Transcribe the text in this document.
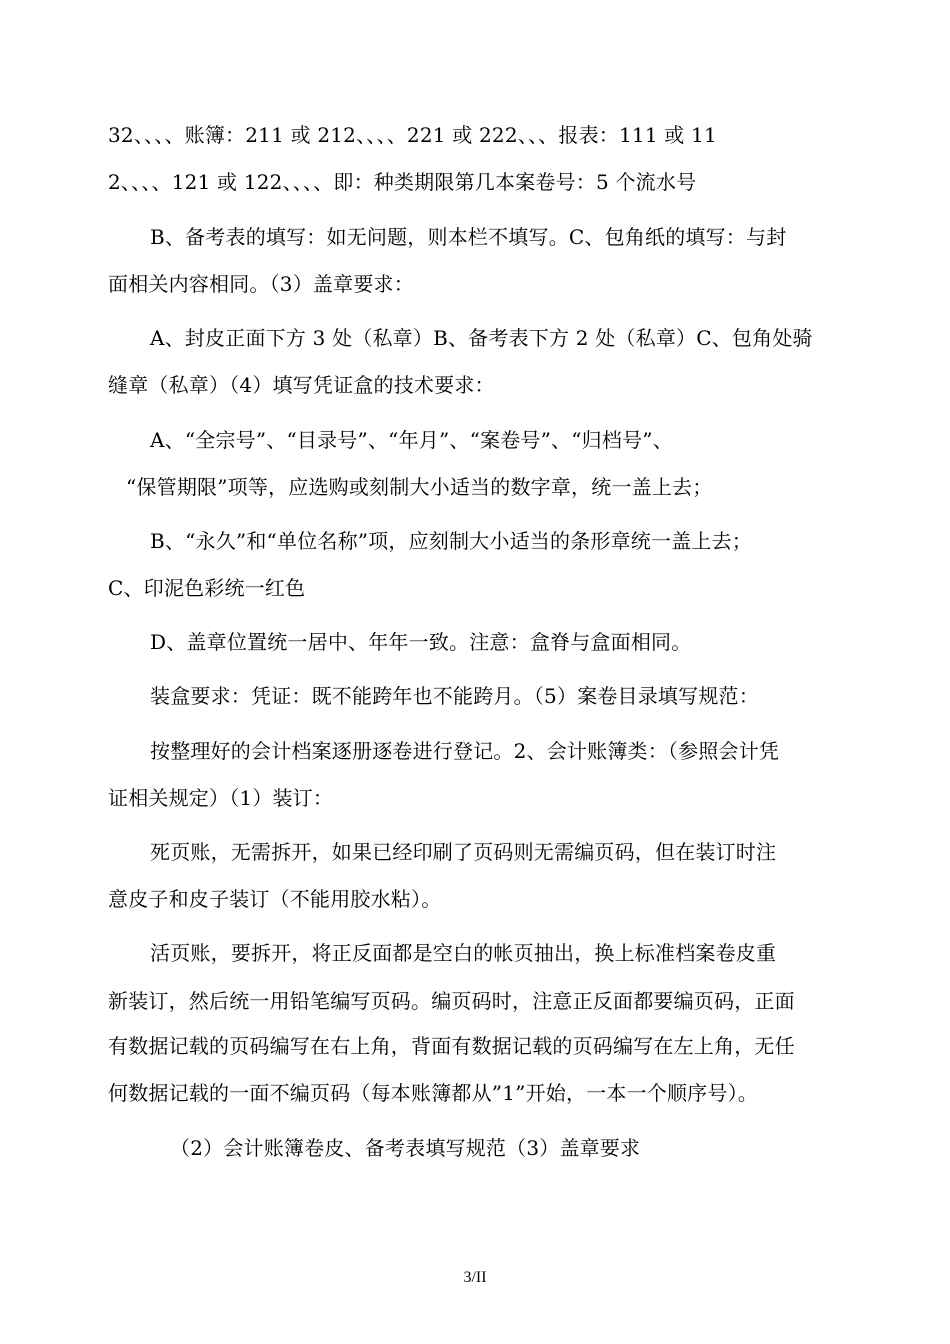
32、、、、账簿：211 或 212、、、、221 或 222、、、报表：111 或 11
2、、、、121 或 122、、、、即：种类期限第几本案卷号：5 个流水号
B、备考表的填写：如无问题，则本栏不填写。C、包角纸的填写：与封
面相关内容相同。（3）盖章要求：
A、封皮正面下方 3 处（私章）B、备考表下方 2 处（私章）C、包角处骑
缝章（私章）（4）填写凭证盒的技术要求：
A、“全宗号”、“目录号”、“年月”、“案卷号”、“归档号”、
“保管期限”项等，应选购或刻制大小适当的数字章，统一盖上去；
B、“永久”和“单位名称”项，应刻制大小适当的条形章统一盖上去；
C、印泥色彩统一红色
D、盖章位置统一居中、年年一致。注意：盒脊与盒面相同。
装盒要求：凭证：既不能跨年也不能跨月。（5）案卷目录填写规范：
按整理好的会计档案逐册逐卷进行登记。2、会计账簿类：（参照会计凭
证相关规定）（1）装订：
死页账，无需拆开，如果已经印刷了页码则无需编页码，但在装订时注
意皮子和皮子装订（不能用胶水粘）。
活页账，要拆开，将正反面都是空白的帐页抽出，换上标准档案卷皮重
新装订，然后统一用铅笔编写页码。编页码时，注意正反面都要编页码，正面
有数据记载的页码编写在右上角，背面有数据记载的页码编写在左上角，无任
何数据记载的一面不编页码（每本账簿都从”1”开始，一本一个顺序号）。
（2）会计账簿卷皮、备考表填写规范（3）盖章要求
3/II
